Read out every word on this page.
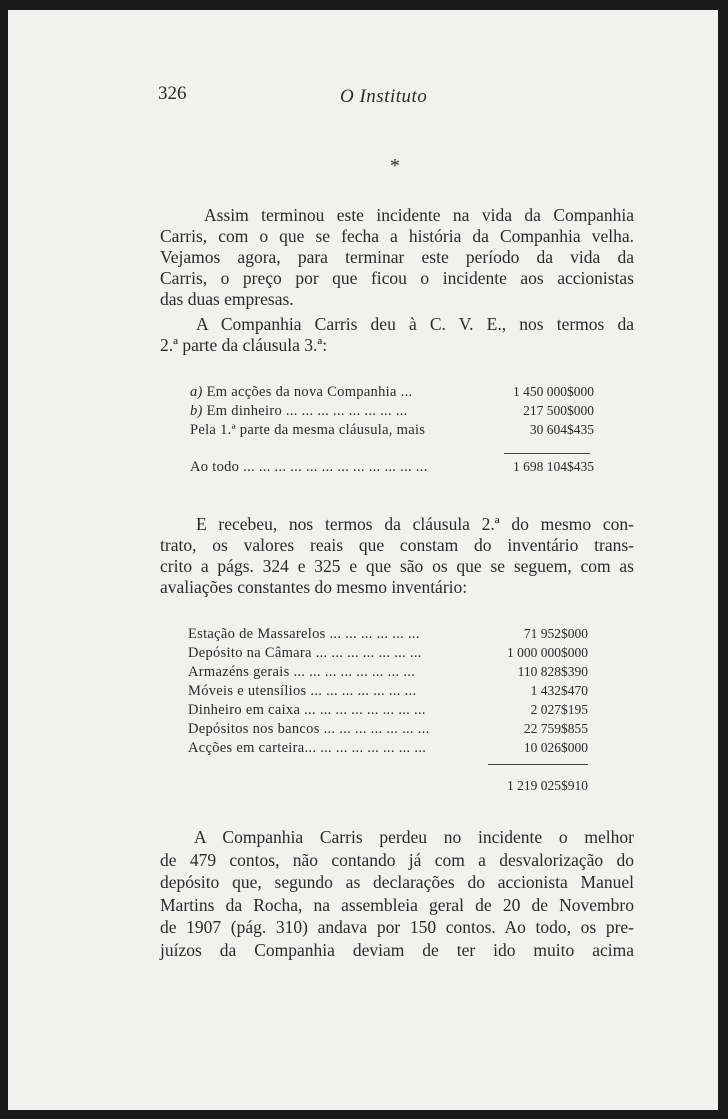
326	O Instituto
*
Assim terminou este incidente na vida da Companhia
Carris, com o que se fecha a história da Companhia velha.
Vejamos agora, para terminar este período da vida da
Carris, o preço por que ficou o incidente aos accionistas
das duas empresas.
A Companhia Carris deu à C. V. E., nos termos da
2.ª parte da cláusula 3.ª:
a) Em acções da nova Companhia ...	1 450 000$000
b) Em dinheiro ... ... ... ... ... ... ... ...	217 500$000
Pela 1.ª parte da mesma cláusula, mais	30 604$435
Ao todo ... ... ... ... ... ... ... ... ... ... ... ...	1 698 104$435
E recebeu, nos termos da cláusula 2.ª do mesmo con-
trato, os valores reais que constam do inventário trans-
crito a págs. 324 e 325 e que são os que se seguem, com as
avaliações constantes do mesmo inventário:
Estação de Massarelos ... ... ... ... ... ...	71 952$000
Depósito na Câmara ... ... ... ... ... ... ...	1 000 000$000
Armazéns gerais ... ... ... ... ... ... ... ...	110 828$390
Móveis e utensílios ... ... ... ... ... ... ...	1 432$470
Dinheiro em caixa ... ... ... ... ... ... ... ...	2 027$195
Depósitos nos bancos ... ... ... ... ... ... ...	22 759$855
Acções em carteira... ... ... ... ... ... ... ...	10 026$000
1 219 025$910
A Companhia Carris perdeu no incidente o melhor
de 479 contos, não contando já com a desvalorização do
depósito que, segundo as declarações do accionista Manuel
Martins da Rocha, na assembleia geral de 20 de Novembro
de 1907 (pág. 310) andava por 150 contos. Ao todo, os pre-
juízos da Companhia deviam de ter ido muito acima
